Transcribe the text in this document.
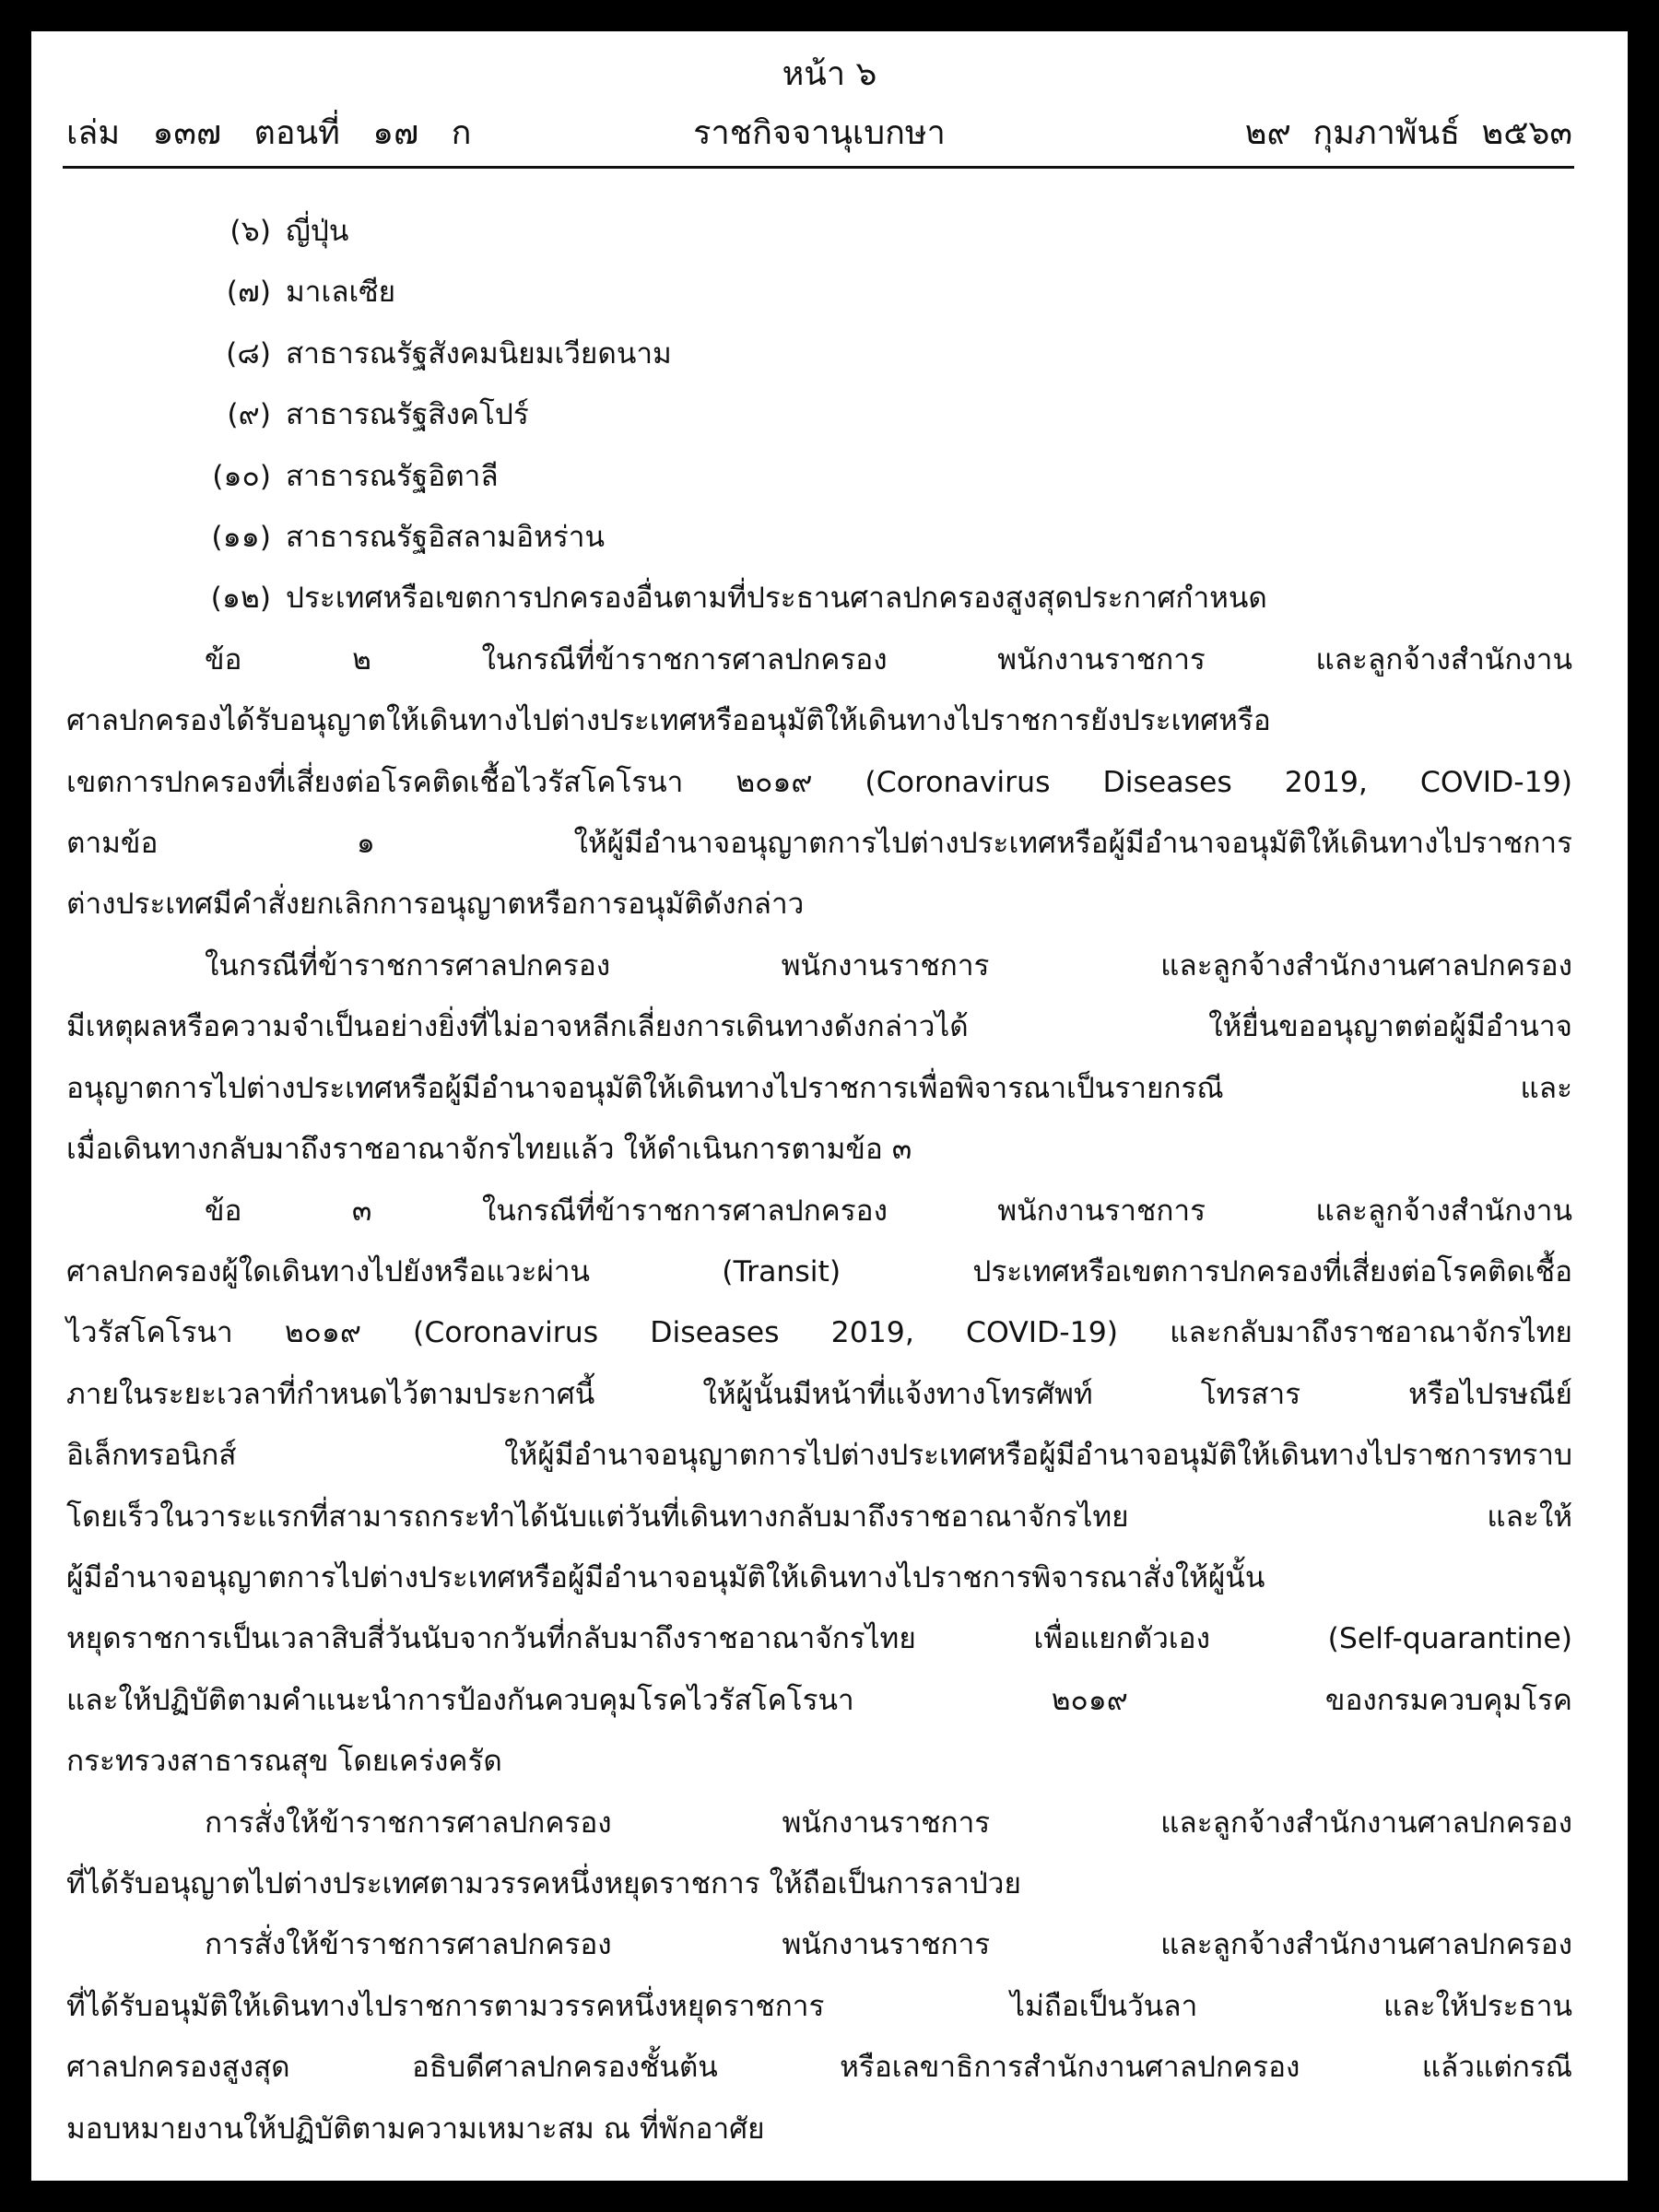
หน้า ๖
เล่ม ๑๓๗ ตอนที่ ๑๗ ก	ราชกิจจานุเบกษา	๒๙ กุมภาพันธ์ ๒๕๖๓
(๖) ญี่ปุ่น
(๗) มาเลเซีย
(๘) สาธารณรัฐสังคมนิยมเวียดนาม
(๙) สาธารณรัฐสิงคโปร์
(๑๐) สาธารณรัฐอิตาลี
(๑๑) สาธารณรัฐอิสลามอิหร่าน
(๑๒) ประเทศหรือเขตการปกครองอื่นตามที่ประธานศาลปกครองสูงสุดประกาศกำหนด
ข้อ ๒ ในกรณีที่ข้าราชการศาลปกครอง พนักงานราชการ และลูกจ้างสำนักงาน
ศาลปกครองได้รับอนุญาตให้เดินทางไปต่างประเทศหรืออนุมัติให้เดินทางไปราชการยังประเทศหรือ
เขตการปกครองที่เสี่ยงต่อโรคติดเชื้อไวรัสโคโรนา ๒๐๑๙ (Coronavirus Diseases 2019, COVID-19)
ตามข้อ ๑ ให้ผู้มีอำนาจอนุญาตการไปต่างประเทศหรือผู้มีอำนาจอนุมัติให้เดินทางไปราชการ
ต่างประเทศมีคำสั่งยกเลิกการอนุญาตหรือการอนุมัติดังกล่าว
ในกรณีที่ข้าราชการศาลปกครอง พนักงานราชการ และลูกจ้างสำนักงานศาลปกครอง
มีเหตุผลหรือความจำเป็นอย่างยิ่งที่ไม่อาจหลีกเลี่ยงการเดินทางดังกล่าวได้ ให้ยื่นขออนุญาตต่อผู้มีอำนาจ
อนุญาตการไปต่างประเทศหรือผู้มีอำนาจอนุมัติให้เดินทางไปราชการเพื่อพิจารณาเป็นรายกรณี และ
เมื่อเดินทางกลับมาถึงราชอาณาจักรไทยแล้ว ให้ดำเนินการตามข้อ ๓
ข้อ ๓ ในกรณีที่ข้าราชการศาลปกครอง พนักงานราชการ และลูกจ้างสำนักงาน
ศาลปกครองผู้ใดเดินทางไปยังหรือแวะผ่าน (Transit) ประเทศหรือเขตการปกครองที่เสี่ยงต่อโรคติดเชื้อ
ไวรัสโคโรนา ๒๐๑๙ (Coronavirus Diseases 2019, COVID-19) และกลับมาถึงราชอาณาจักรไทย
ภายในระยะเวลาที่กำหนดไว้ตามประกาศนี้ ให้ผู้นั้นมีหน้าที่แจ้งทางโทรศัพท์ โทรสาร หรือไปรษณีย์
อิเล็กทรอนิกส์ ให้ผู้มีอำนาจอนุญาตการไปต่างประเทศหรือผู้มีอำนาจอนุมัติให้เดินทางไปราชการทราบ
โดยเร็วในวาระแรกที่สามารถกระทำได้นับแต่วันที่เดินทางกลับมาถึงราชอาณาจักรไทย และให้
ผู้มีอำนาจอนุญาตการไปต่างประเทศหรือผู้มีอำนาจอนุมัติให้เดินทางไปราชการพิจารณาสั่งให้ผู้นั้น
หยุดราชการเป็นเวลาสิบสี่วันนับจากวันที่กลับมาถึงราชอาณาจักรไทย เพื่อแยกตัวเอง (Self-quarantine)
และให้ปฏิบัติตามคำแนะนำการป้องกันควบคุมโรคไวรัสโคโรนา ๒๐๑๙ ของกรมควบคุมโรค
กระทรวงสาธารณสุข โดยเคร่งครัด
การสั่งให้ข้าราชการศาลปกครอง พนักงานราชการ และลูกจ้างสำนักงานศาลปกครอง
ที่ได้รับอนุญาตไปต่างประเทศตามวรรคหนึ่งหยุดราชการ ให้ถือเป็นการลาป่วย
การสั่งให้ข้าราชการศาลปกครอง พนักงานราชการ และลูกจ้างสำนักงานศาลปกครอง
ที่ได้รับอนุมัติให้เดินทางไปราชการตามวรรคหนึ่งหยุดราชการ ไม่ถือเป็นวันลา และให้ประธาน
ศาลปกครองสูงสุด อธิบดีศาลปกครองชั้นต้น หรือเลขาธิการสำนักงานศาลปกครอง แล้วแต่กรณี
มอบหมายงานให้ปฏิบัติตามความเหมาะสม ณ ที่พักอาศัย
